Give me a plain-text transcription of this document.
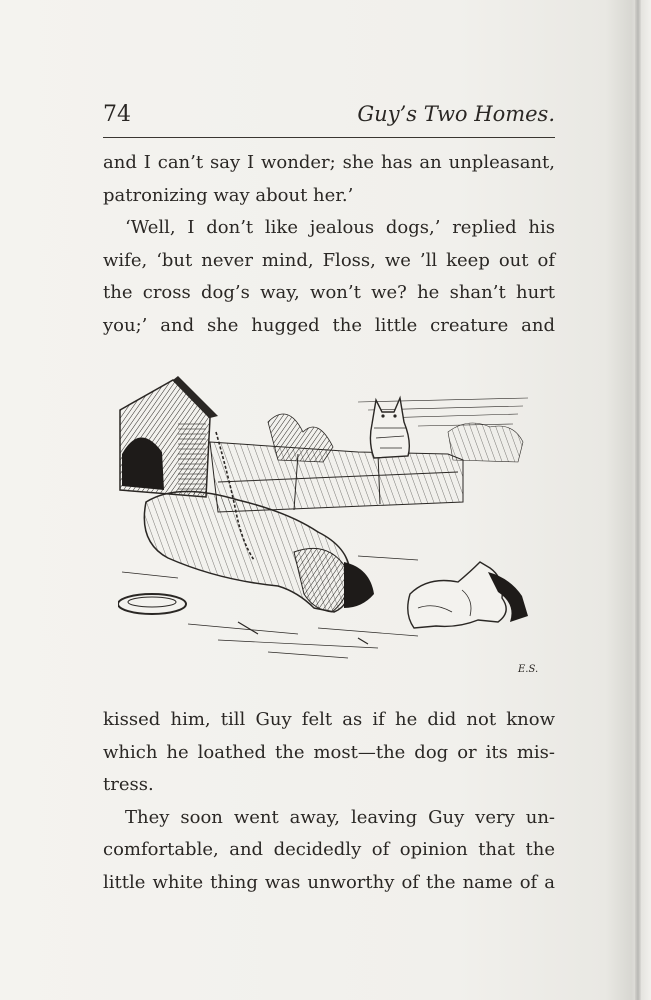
74	Guy’s Two Homes.
and I can’t say I wonder; she has an unpleasant,
patronizing way about her.’
‘Well, I don’t like jealous dogs,’ replied his
wife, ‘but never mind, Floss, we ’ll keep out of
the cross dog’s way, won’t we? he shan’t hurt
you;’ and she hugged the little creature and
E.S.
kissed him, till Guy felt as if he did not know
which he loathed the most—the dog or its mis-
tress.
They soon went away, leaving Guy very un-
comfortable, and decidedly of opinion that the
little white thing was unworthy of the name of a
